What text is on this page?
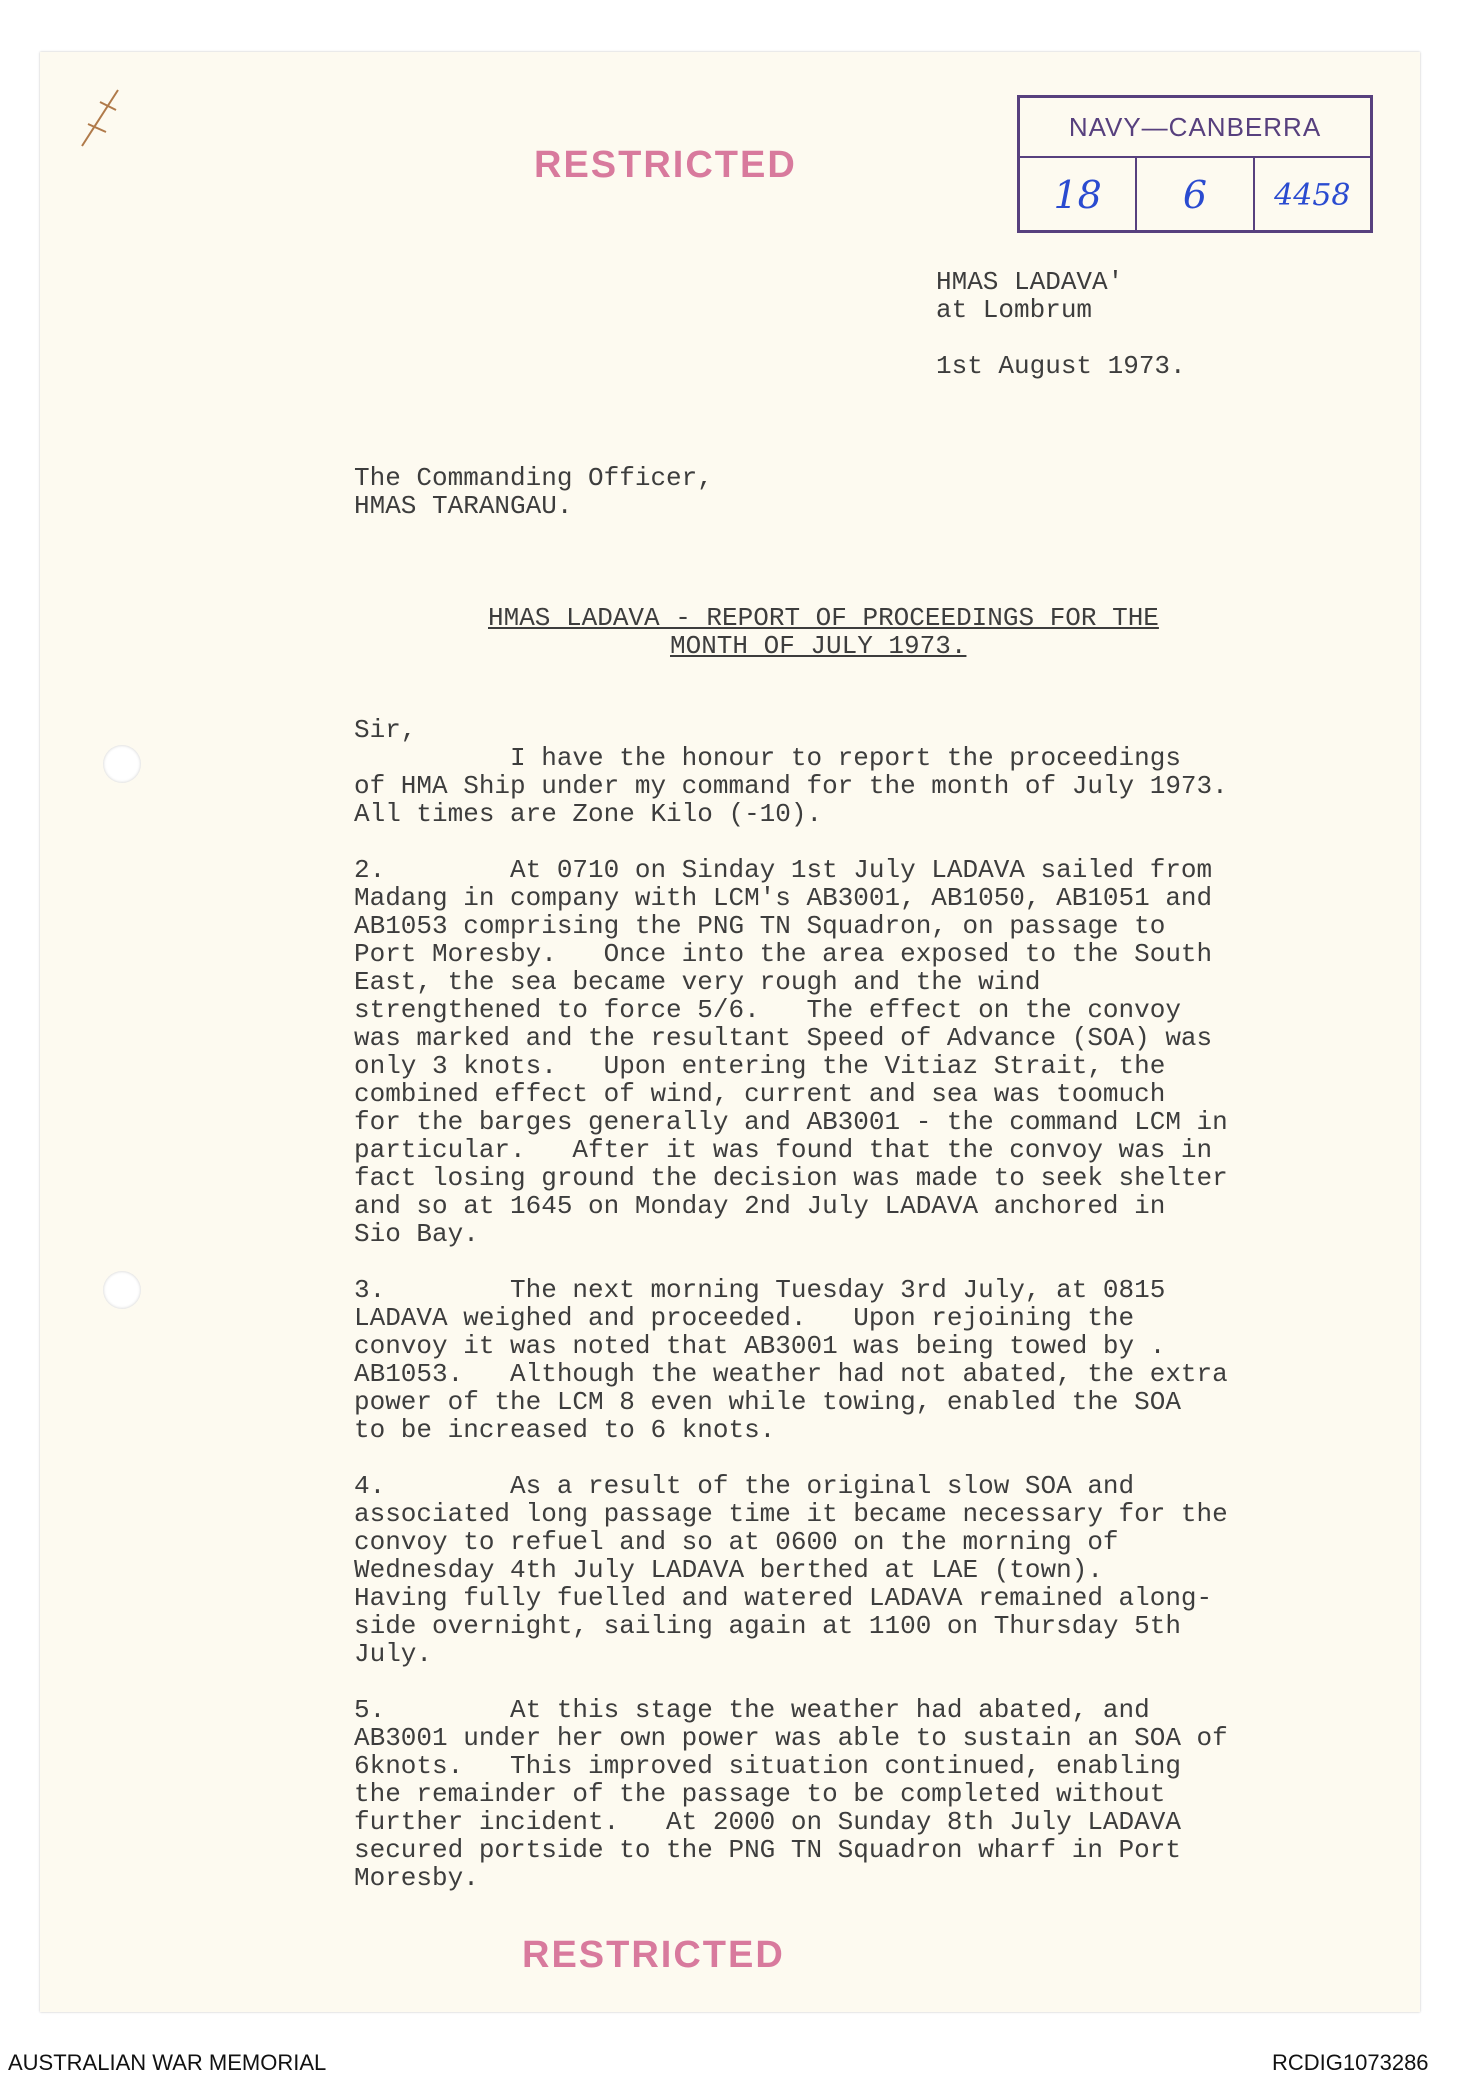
RESTRICTED
NAVY—CANBERRA
18	6	4458
HMAS LADAVA'
at Lombrum
1st August 1973.
The Commanding Officer,
HMAS TARANGAU.
HMAS LADAVA - REPORT OF PROCEEDINGS FOR THE
MONTH OF JULY 1973.
Sir,
I have the honour to report the proceedings
of HMA Ship under my command for the month of July 1973.
All times are Zone Kilo (-10).
2.        At 0710 on Sinday 1st July LADAVA sailed from
Madang in company with LCM's AB3001, AB1050, AB1051 and
AB1053 comprising the PNG TN Squadron, on passage to
Port Moresby.   Once into the area exposed to the South
East, the sea became very rough and the wind
strengthened to force 5/6.   The effect on the convoy
was marked and the resultant Speed of Advance (SOA) was
only 3 knots.   Upon entering the Vitiaz Strait, the
combined effect of wind, current and sea was toomuch
for the barges generally and AB3001 - the command LCM in
particular.   After it was found that the convoy was in
fact losing ground the decision was made to seek shelter
and so at 1645 on Monday 2nd July LADAVA anchored in
Sio Bay.
3.        The next morning Tuesday 3rd July, at 0815
LADAVA weighed and proceeded.   Upon rejoining the
convoy it was noted that AB3001 was being towed by .
AB1053.   Although the weather had not abated, the extra
power of the LCM 8 even while towing, enabled the SOA
to be increased to 6 knots.
4.        As a result of the original slow SOA and
associated long passage time it became necessary for the
convoy to refuel and so at 0600 on the morning of
Wednesday 4th July LADAVA berthed at LAE (town).
Having fully fuelled and watered LADAVA remained along-
side overnight, sailing again at 1100 on Thursday 5th
July.
5.        At this stage the weather had abated, and
AB3001 under her own power was able to sustain an SOA of
6knots.   This improved situation continued, enabling
the remainder of the passage to be completed without
further incident.   At 2000 on Sunday 8th July LADAVA
secured portside to the PNG TN Squadron wharf in Port
Moresby.
RESTRICTED
AUSTRALIAN WAR MEMORIAL	RCDIG1073286
